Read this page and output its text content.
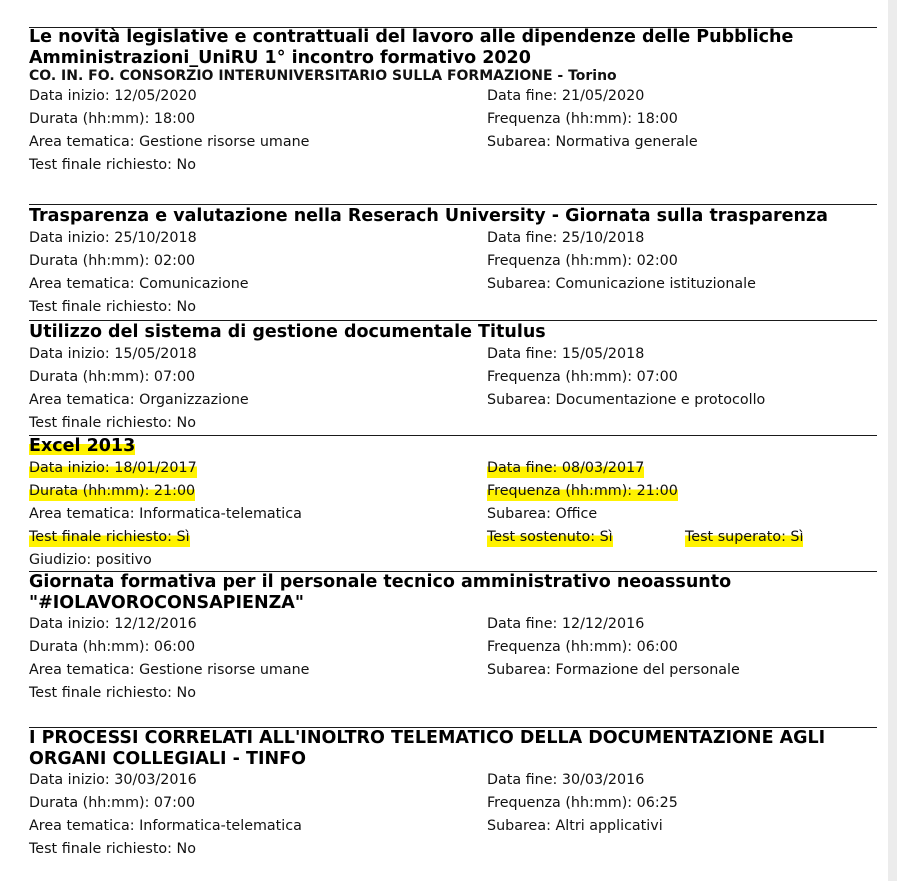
Le novità legislative e contrattuali del lavoro alle dipendenze delle Pubbliche Amministrazioni_UniRU 1° incontro formativo 2020
CO. IN. FO. CONSORZIO INTERUNIVERSITARIO SULLA FORMAZIONE - Torino
Data inizio: 12/05/2020	Data fine: 21/05/2020
Durata (hh:mm): 18:00	Frequenza (hh:mm): 18:00
Area tematica: Gestione risorse umane	Subarea: Normativa generale
Test finale richiesto: No
Trasparenza e valutazione nella Reserach University - Giornata sulla trasparenza
Data inizio: 25/10/2018	Data fine: 25/10/2018
Durata (hh:mm): 02:00	Frequenza (hh:mm): 02:00
Area tematica: Comunicazione	Subarea: Comunicazione istituzionale
Test finale richiesto: No
Utilizzo del sistema di gestione documentale Titulus
Data inizio: 15/05/2018	Data fine: 15/05/2018
Durata (hh:mm): 07:00	Frequenza (hh:mm): 07:00
Area tematica: Organizzazione	Subarea: Documentazione e protocollo
Test finale richiesto: No
Excel 2013
Data inizio: 18/01/2017	Data fine: 08/03/2017
Durata (hh:mm): 21:00	Frequenza (hh:mm): 21:00
Area tematica: Informatica-telematica	Subarea: Office
Test finale richiesto: Sì	Test sostenuto: Sì	Test superato: Sì
Giudizio: positivo
Giornata formativa per il personale tecnico amministrativo neoassunto "#IOLAVOROCONSAPIENZA"
Data inizio: 12/12/2016	Data fine: 12/12/2016
Durata (hh:mm): 06:00	Frequenza (hh:mm): 06:00
Area tematica: Gestione risorse umane	Subarea: Formazione del personale
Test finale richiesto: No
I PROCESSI CORRELATI ALL'INOLTRO TELEMATICO DELLA DOCUMENTAZIONE AGLI ORGANI COLLEGIALI - TINFO
Data inizio: 30/03/2016	Data fine: 30/03/2016
Durata (hh:mm): 07:00	Frequenza (hh:mm): 06:25
Area tematica: Informatica-telematica	Subarea: Altri applicativi
Test finale richiesto: No
